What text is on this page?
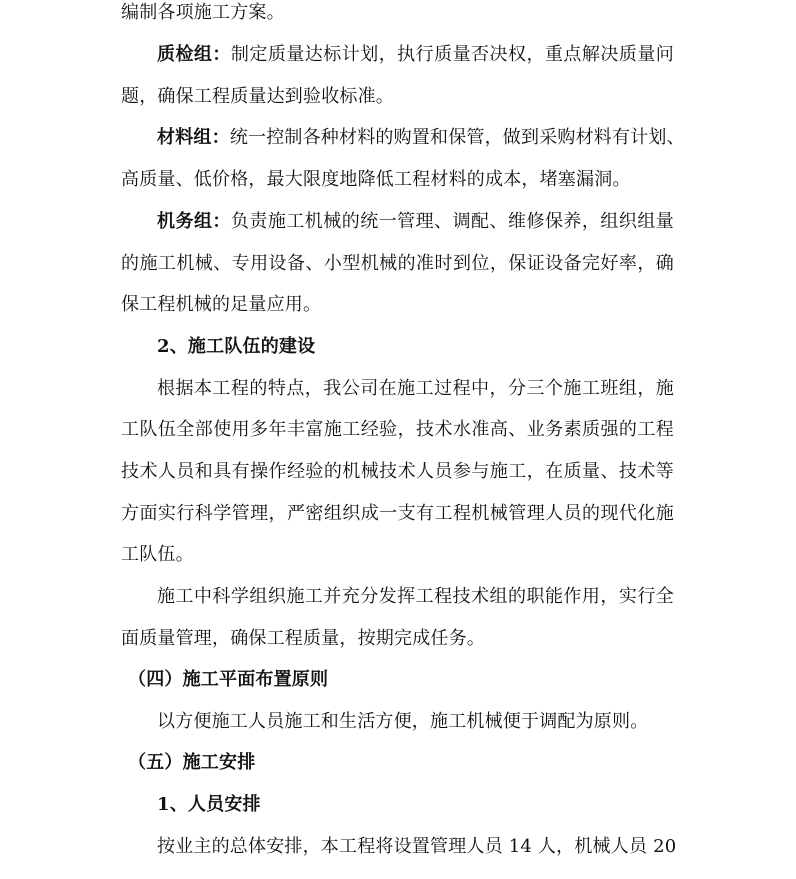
编制各项施工方案。
质检组：制定质量达标计划，执行质量否决权，重点解决质量问
题，确保工程质量达到验收标准。
材料组：统一控制各种材料的购置和保管，做到采购材料有计划、
高质量、低价格，最大限度地降低工程材料的成本，堵塞漏洞。
机务组：负责施工机械的统一管理、调配、维修保养，组织组量
的施工机械、专用设备、小型机械的准时到位，保证设备完好率，确
保工程机械的足量应用。
2、施工队伍的建设
根据本工程的特点，我公司在施工过程中，分三个施工班组，施
工队伍全部使用多年丰富施工经验，技术水准高、业务素质强的工程
技术人员和具有操作经验的机械技术人员参与施工，在质量、技术等
方面实行科学管理，严密组织成一支有工程机械管理人员的现代化施
工队伍。
施工中科学组织施工并充分发挥工程技术组的职能作用，实行全
面质量管理，确保工程质量，按期完成任务。
（四）施工平面布置原则
以方便施工人员施工和生活方便，施工机械便于调配为原则。
（五）施工安排
1、人员安排
按业主的总体安排，本工程将设置管理人员 14 人，机械人员 20
